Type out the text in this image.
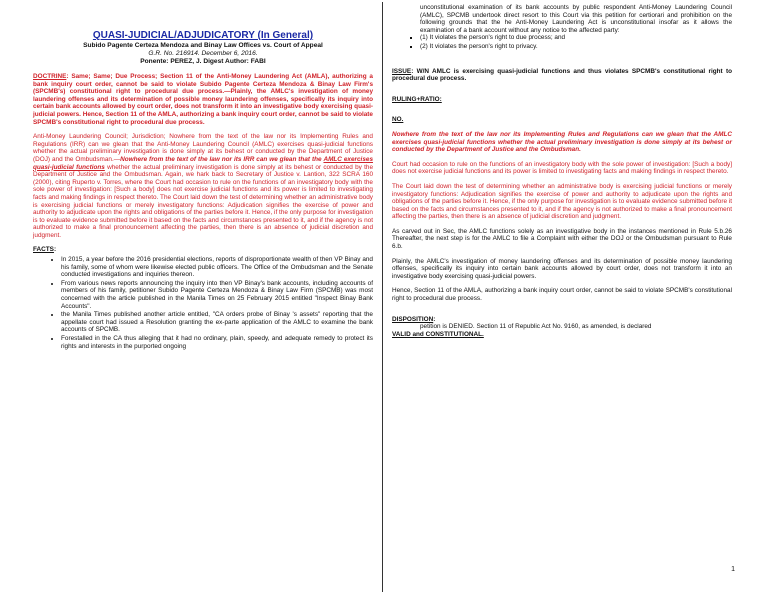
QUASI-JUDICIAL/ADJUDICATORY (In General)
Subido Pagente Certeza Mendoza and Binay Law Offices vs. Court of Appeal
G.R. No. 216914. December 6, 2016.
Ponente: PEREZ, J. Digest Author: FABI

DOCTRINE: Same; Same; Due Process; Section 11 of the Anti-Money Laundering Act (AMLA), authorizing a bank inquiry court order, cannot be said to violate Subido Pagente Certeza Mendoza & Binay Law Firm's (SPCMB's) constitutional right to procedural due process.—Plainly, the AMLC's investigation of money laundering offenses and its determination of possible money laundering offenses, specifically its inquiry into certain bank accounts allowed by court order, does not transform it into an investigative body exercising quasi-judicial powers. Hence, Section 11 of the AMLA, authorizing a bank inquiry court order, cannot be said to violate SPCMB's constitutional right to procedural due process.

Anti-Money Laundering Council; Jurisdiction; Nowhere from the text of the law nor its Implementing Rules and Regulations (IRR) can we glean that the Anti-Money Laundering Council (AMLC) exercises quasi-judicial functions whether the actual preliminary investigation is done simply at its behest or conducted by the Department of Justice (DOJ) and the Ombudsman.—Nowhere from the text of the law nor its IRR can we glean that the AMLC exercises quasi-judicial functions whether the actual preliminary investigation is done simply at its behest or conducted by the Department of Justice and the Ombudsman. Again, we hark back to Secretary of Justice v. Lantion, 322 SCRA 160 (2000), citing Ruperto v. Torres, where the Court had occasion to rule on the functions of an investigatory body with the sole power of investigation: [Such a body] does not exercise judicial functions and its power is limited to investigating facts and making findings in respect thereto. The Court laid down the test of determining whether an administrative body is exercising judicial functions or merely investigatory functions: Adjudication signifies the exercise of power and authority to adjudicate upon the rights and obligations of the parties before it. Hence, if the only purpose for investigation is to evaluate evidence submitted before it based on the facts and circumstances presented to it, and if the agency is not authorized to make a final pronouncement affecting the parties, then there is an absence of judicial discretion and judgment.

FACTS:

• In 2015, a year before the 2016 presidential elections, reports of disproportionate wealth of then VP Binay and his family, some of whom were likewise elected public officers. The Office of the Ombudsman and the Senate conducted investigations and inquiries thereon.
• From various news reports announcing the inquiry into then VP Binay's bank accounts, including accounts of members of his family, petitioner Subido Pagente Certeza Mendoza & Binay Law Firm (SPCMB) was most concerned with the article published in the Manila Times on 25 February 2015 entitled "Inspect Binay Bank Accounts".
• the Manila Times published another article entitled, "CA orders probe of Binay 's assets" reporting that the appellate court had issued a Resolution granting the ex-parte application of the AMLC to examine the bank accounts of SPCMB.
• Forestalled in the CA thus alleging that it had no ordinary, plain, speedy, and adequate remedy to protect its rights and interests in the purported ongoing

unconstitutional examination of its bank accounts by public respondent Anti-Money Laundering Council (AMLC), SPCMB undertook direct resort to this Court via this petition for certiorari and prohibition on the following grounds that the he Anti-Money Laundering Act is unconstitutional insofar as it allows the examination of a bank account without any notice to the affected party:

▪ (1) It violates the person's right to due process; and
▪ (2) It violates the person's right to privacy.

ISSUE: W/N AMLC is exercising quasi-judicial functions and thus violates SPCMB's constitutional right to procedural due process.

RULING+RATIO:

NO.

Nowhere from the text of the law nor its Implementing Rules and Regulations can we glean that the AMLC exercises quasi-judicial functions whether the actual preliminary investigation is done simply at its behest or conducted by the Department of Justice and the Ombudsman.

Court had occasion to rule on the functions of an investigatory body with the sole power of investigation: [Such a body] does not exercise judicial functions and its power is limited to investigating facts and making findings in respect thereto.

The Court laid down the test of determining whether an administrative body is exercising judicial functions or merely investigatory functions: Adjudication signifies the exercise of power and authority to adjudicate upon the rights and obligations of the parties before it. Hence, if the only purpose for investigation is to evaluate evidence submitted before it based on the facts and circumstances presented to it, and if the agency is not authorized to make a final pronouncement affecting the parties, then there is an absence of judicial discretion and judgment.

As carved out in Sec, the AMLC functions solely as an investigative body in the instances mentioned in Rule 5.b.26 Thereafter, the next step is for the AMLC to file a Complaint with either the DOJ or the Ombudsman pursuant to Rule 6.b.

Plainly, the AMLC's investigation of money laundering offenses and its determination of possible money laundering offenses, specifically its inquiry into certain bank accounts allowed by court order, does not transform it into an investigative body exercising quasi-judicial powers.

Hence, Section 11 of the AMLA, authorizing a bank inquiry court order, cannot be said to violate SPCMB's constitutional right to procedural due process.

DISPOSITION:

petition is DENIED. Section 11 of Republic Act No. 9160, as amended, is declared

VALID and CONSTITUTIONAL.

1
